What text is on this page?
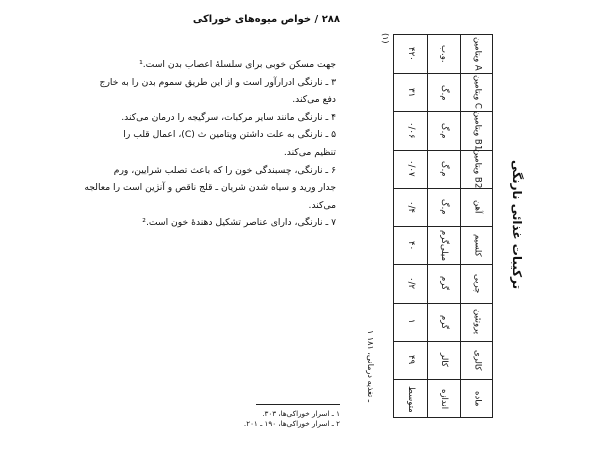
۲۸۸ / خواص میوه‌های خوراکی

جهت مسکن خوبی برای سلسلهٔ اعصاب بدن است.¹

۳ ـ نارنگی ادرارآور است و از این طریق سموم بدن را به خارج

دفع می‌کند.

۴ ـ نارنگی مانند سایر مرکبات، سرگیجه را درمان می‌کند.

۵ ـ نارنگی به علت داشتن ویتامین ث (C)، اعمال قلب را

تنظیم می‌کند.

۶ ـ نارنگی، چسبندگی خون را که باعث تصلب شرایین، ورم

جدار ورید و سیاه شدن شریان ـ قلج ناقص و آنژین است را معالجه

می‌کند.

۷ ـ نارنگی، دارای عناصر تشکیل دهندهٔ خون است.²

۱ ـ اسرار خوراکی‌ها، ۳۰۳.

۲ ـ اسرار خوراکی‌ها، ۱۹۰ ـ ۲۰۱.

۱ ـ تغذیه درمانی، ۱۸۱
(۱)
ترکیبات غذائی نارنگی
۴۲۰	و.ب.	ویتامین A
۳۱	م.گ	ویتامین C
۰/۰۶	م.گ	ویتامین B1
۰/۰۷	م.گ	ویتامین B2
۰/۴	م.گ	آهن
۴۰	میلی‌گرم	کلسیم
۰/۲	گرم	چربی
۱	گرم	پروتئین
۴۹	کالر	کالری
متوسط	اندازه	ماده
